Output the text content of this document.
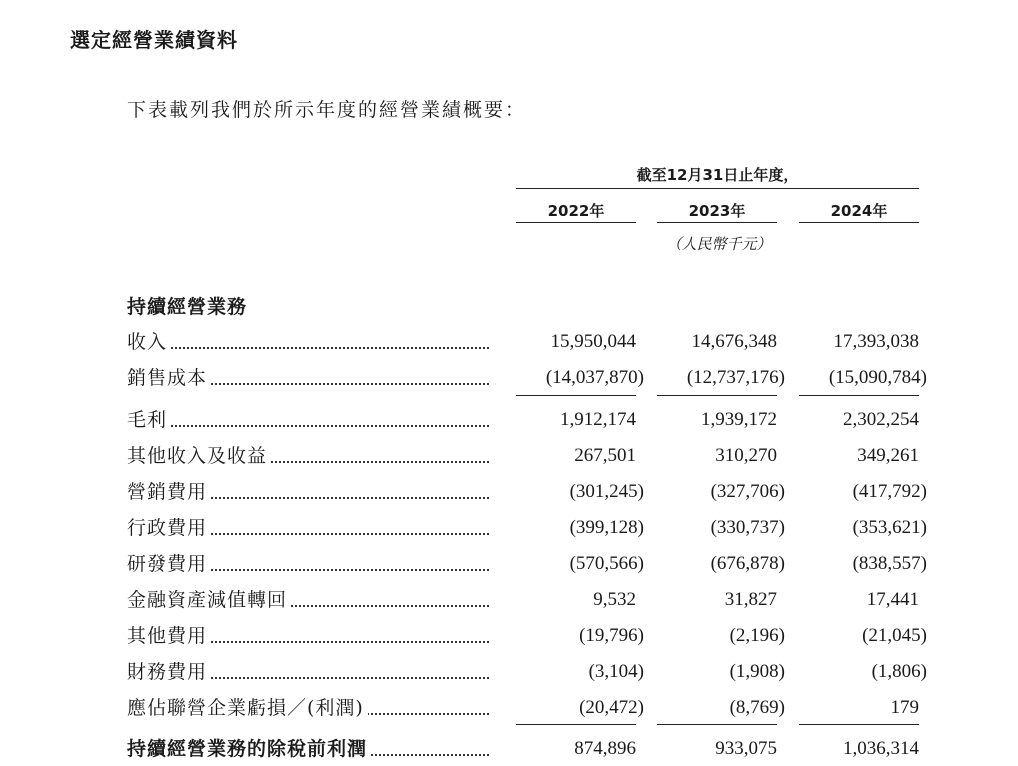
選定經營業績資料
下表載列我們於所示年度的經營業績概要：
截至12月31日止年度，
2022年	2023年	2024年
（人民幣千元）
持續經營業務
收入	15,950,044	14,676,348	17,393,038
銷售成本	(14,037,870)	(12,737,176)	(15,090,784)
毛利	1,912,174	1,939,172	2,302,254
其他收入及收益	267,501	310,270	349,261
營銷費用	(301,245)	(327,706)	(417,792)
行政費用	(399,128)	(330,737)	(353,621)
研發費用	(570,566)	(676,878)	(838,557)
金融資產減值轉回	9,532	31,827	17,441
其他費用	(19,796)	(2,196)	(21,045)
財務費用	(3,104)	(1,908)	(1,806)
應佔聯營企業虧損／(利潤)	(20,472)	(8,769)	179
持續經營業務的除稅前利潤	874,896	933,075	1,036,314
